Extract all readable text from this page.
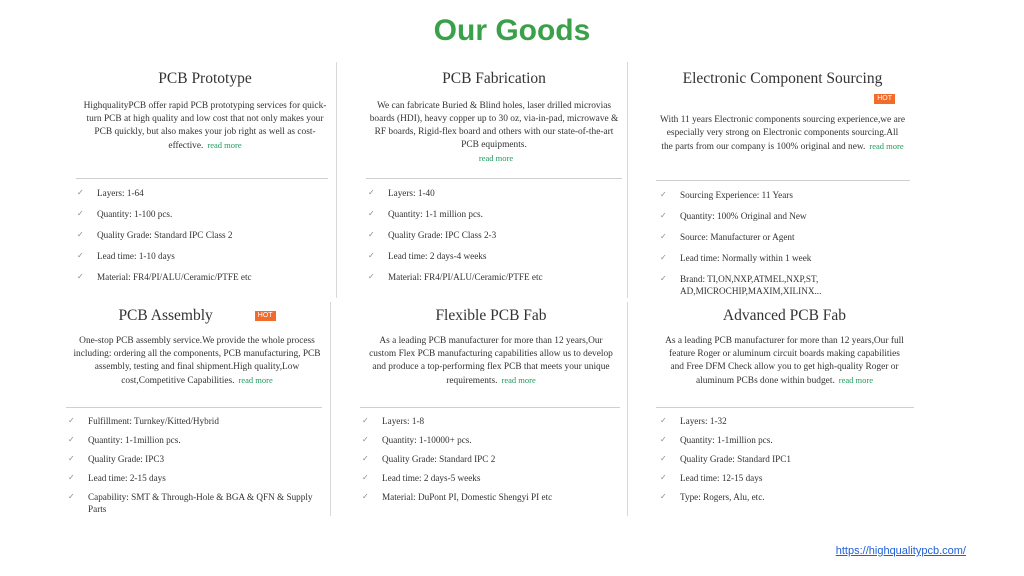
Our Goods
PCB Prototype
HighqualityPCB offer rapid PCB prototyping services for quick-turn PCB at high quality and low cost that not only makes your PCB quickly, but also makes your job right as well as cost-effective. read more
✓ Layers: 1-64
✓ Quantity: 1-100 pcs.
✓ Quality Grade: Standard IPC Class 2
✓ Lead time: 1-10 days
✓ Material: FR4/PI/ALU/Ceramic/PTFE etc
PCB Fabrication
We can fabricate Buried & Blind holes, laser drilled microvias boards (HDI), heavy copper up to 30 oz, via-in-pad, microwave & RF boards, Rigid-flex board and others with our state-of-the-art PCB equipments.
read more
✓ Layers: 1-40
✓ Quantity: 1-1 million pcs.
✓ Quality Grade: IPC Class 2-3
✓ Lead time: 2 days-4 weeks
✓ Material: FR4/PI/ALU/Ceramic/PTFE etc
Electronic Component Sourcing
HOT
With 11 years Electronic components sourcing experience,we are especially very strong on Electronic components sourcing.All the parts from our company is 100% original and new. read more
✓ Sourcing Experience: 11 Years
✓ Quantity: 100% Original and New
✓ Source: Manufacturer or Agent
✓ Lead time: Normally within 1 week
✓ Brand: TI,ON,NXP,ATMEL,NXP,ST, AD,MICROCHIP,MAXIM,XILINX...
PCB Assembly	HOT
One-stop PCB assembly service.We provide the whole process including: ordering all the components, PCB manufacturing, PCB assembly, testing and final shipment.High quality,Low cost,Competitive Capabilities. read more
✓ Fulfillment: Turnkey/Kitted/Hybrid
✓ Quantity: 1-1million pcs.
✓ Quality Grade: IPC3
✓ Lead time: 2-15 days
✓ Capability: SMT & Through-Hole & BGA & QFN & Supply Parts
Flexible PCB Fab
As a leading PCB manufacturer for more than 12 years,Our custom Flex PCB manufacturing capabilities allow us to develop and produce a top-performing flex PCB that meets your unique requirements. read more
✓ Layers: 1-8
✓ Quantity: 1-10000+ pcs.
✓ Quality Grade: Standard IPC 2
✓ Lead time: 2 days-5 weeks
✓ Material: DuPont PI, Domestic Shengyi PI etc
Advanced PCB Fab
As a leading PCB manufacturer for more than 12 years,Our full feature Roger or aluminum circuit boards making capabilities and Free DFM Check allow you to get high-quality Roger or aluminum PCBs done within budget. read more
✓ Layers: 1-32
✓ Quantity: 1-1million pcs.
✓ Quality Grade: Standard IPC1
✓ Lead time: 12-15 days
✓ Type: Rogers, Alu, etc.
https://highqualitypcb.com/
